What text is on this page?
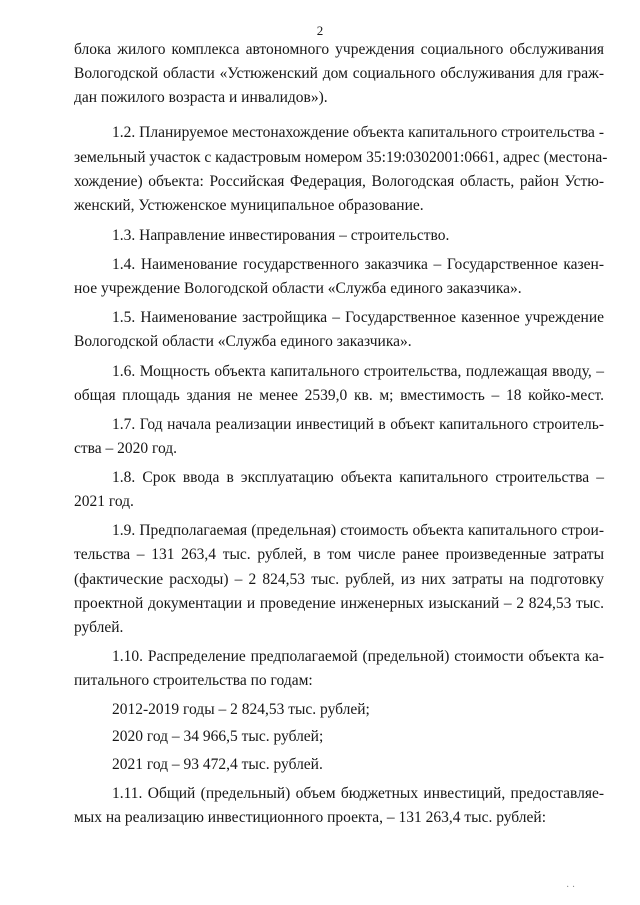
2
блока жилого комплекса автономного учреждения социального обслуживания
Вологодской области «Устюженский дом социального обслуживания для граж-
дан пожилого возраста и инвалидов»).
1.2. Планируемое местонахождение объекта капитального строительства -
земельный участок с кадастровым номером 35:19:0302001:0661, адрес (местона-
хождение) объекта: Российская Федерация, Вологодская область, район Устю-
женский, Устюженское муниципальное образование.
1.3. Направление инвестирования – строительство.
1.4. Наименование государственного заказчика – Государственное казен-
ное учреждение Вологодской области «Служба единого заказчика».
1.5. Наименование застройщика – Государственное казенное учреждение
Вологодской области «Служба единого заказчика».
1.6. Мощность объекта капитального строительства, подлежащая вводу, –
общая площадь здания не менее 2539,0 кв. м; вместимость – 18 койко-мест.
1.7. Год начала реализации инвестиций в объект капитального строитель-
ства – 2020 год.
1.8. Срок ввода в эксплуатацию объекта капитального строительства –
2021 год.
1.9. Предполагаемая (предельная) стоимость объекта капитального строи-
тельства – 131 263,4 тыс. рублей, в том числе ранее произведенные затраты
(фактические расходы) – 2 824,53 тыс. рублей, из них затраты на подготовку
проектной документации и проведение инженерных изысканий – 2 824,53 тыс.
рублей.
1.10. Распределение предполагаемой (предельной) стоимости объекта ка-
питального строительства по годам:
2012-2019 годы – 2 824,53 тыс. рублей;
2020 год – 34 966,5 тыс. рублей;
2021 год – 93 472,4 тыс. рублей.
1.11. Общий (предельный) объем бюджетных инвестиций, предоставляе-
мых на реализацию инвестиционного проекта, – 131 263,4 тыс. рублей:
· ·
